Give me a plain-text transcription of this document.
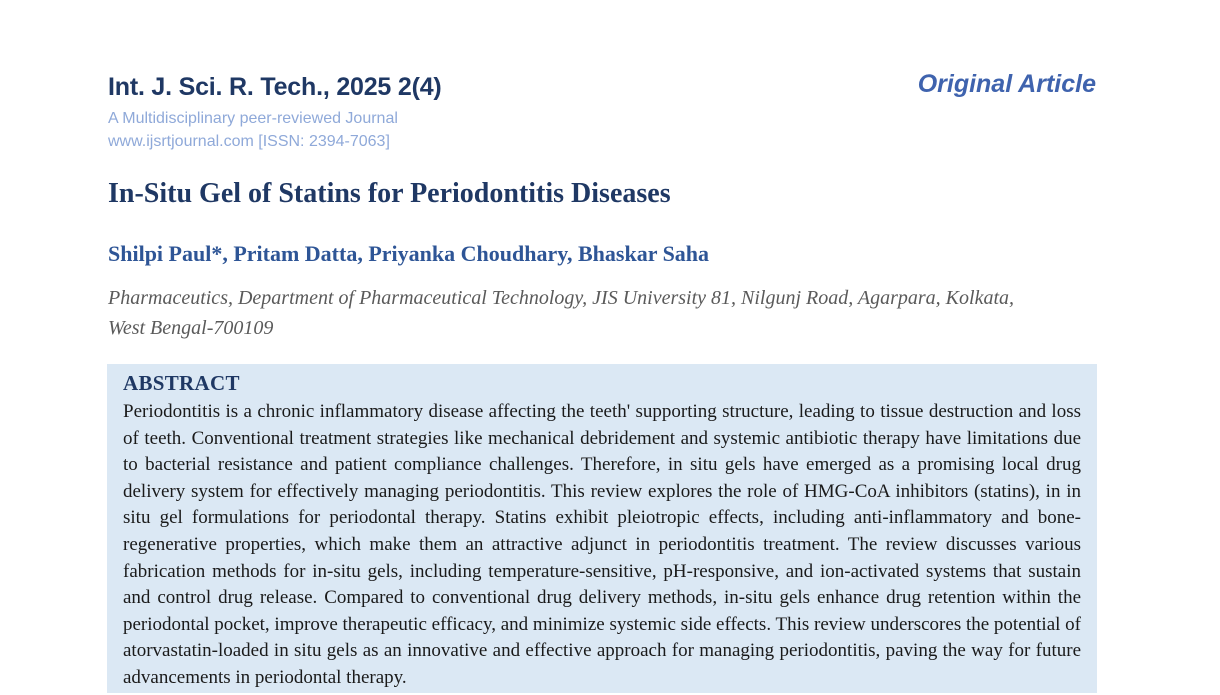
Int. J. Sci. R. Tech., 2025 2(4)
A Multidisciplinary peer-reviewed Journal
www.ijsrtjournal.com [ISSN: 2394-7063]
Original Article
In-Situ Gel of Statins for Periodontitis Diseases
Shilpi Paul*, Pritam Datta, Priyanka Choudhary, Bhaskar Saha
Pharmaceutics, Department of Pharmaceutical Technology, JIS University 81, Nilgunj Road, Agarpara, Kolkata, West Bengal-700109
ABSTRACT

Periodontitis is a chronic inflammatory disease affecting the teeth' supporting structure, leading to tissue destruction and loss of teeth. Conventional treatment strategies like mechanical debridement and systemic antibiotic therapy have limitations due to bacterial resistance and patient compliance challenges. Therefore, in situ gels have emerged as a promising local drug delivery system for effectively managing periodontitis. This review explores the role of HMG-CoA inhibitors (statins), in in situ gel formulations for periodontal therapy. Statins exhibit pleiotropic effects, including anti-inflammatory and bone-regenerative properties, which make them an attractive adjunct in periodontitis treatment. The review discusses various fabrication methods for in-situ gels, including temperature-sensitive, pH-responsive, and ion-activated systems that sustain and control drug release. Compared to conventional drug delivery methods, in-situ gels enhance drug retention within the periodontal pocket, improve therapeutic efficacy, and minimize systemic side effects. This review underscores the potential of atorvastatin-loaded in situ gels as an innovative and effective approach for managing periodontitis, paving the way for future advancements in periodontal therapy.
